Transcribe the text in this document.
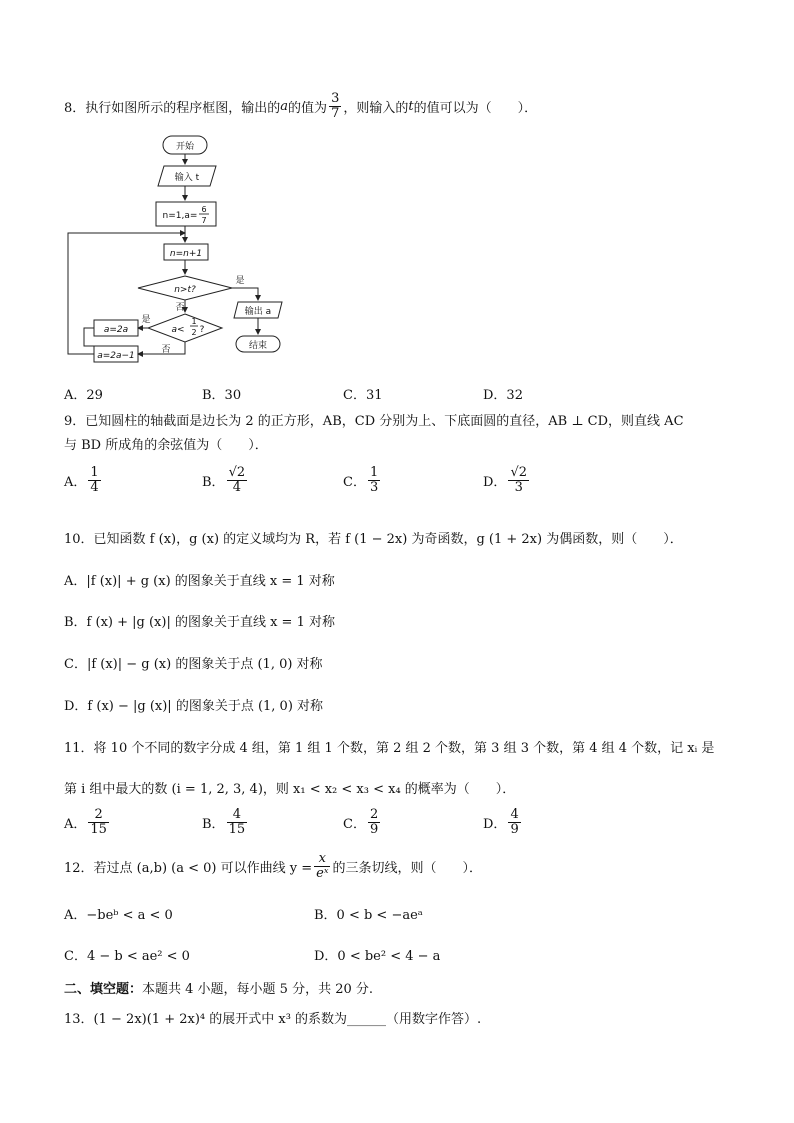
8．执行如图所示的程序框图，输出的 a 的值为 $\frac{3}{7}$ ，则输入的 t 的值可以为（　　）．
开始
输入 t
n=1,a=
6
7
n=n+1
n>t?
是
否	输出 a
结束
a<
1
2 ?
是
否
a=2a
a=2a−1
A．29	B．30	C．31	D．32
9．已知圆柱的轴截面是边长为 2 的正方形，AB，CD 分别为上、下底面圆的直径，AB ⊥ CD，则直线 AC
与 BD 所成角的余弦值为（　　）．
A． $\frac{1}{4}$	B． $\frac{√2}{4}$	C． $\frac{1}{3}$	D． $\frac{√2}{3}$
10．已知函数 f (x)，g (x) 的定义域均为 R，若 f (1 − 2x) 为奇函数，g (1 + 2x) 为偶函数，则（　　）．
A．|f (x)| + g (x) 的图象关于直线 x = 1 对称
B．f (x) + |g (x)| 的图象关于直线 x = 1 对称
C．|f (x)| − g (x) 的图象关于点 (1, 0) 对称
D．f (x) − |g (x)| 的图象关于点 (1, 0) 对称
11．将 10 个不同的数字分成 4 组，第 1 组 1 个数，第 2 组 2 个数，第 3 组 3 个数，第 4 组 4 个数，记 xᵢ 是
第 i 组中最大的数 (i = 1, 2, 3, 4)，则 x₁ < x₂ < x₃ < x₄ 的概率为（　　）．
A． $\frac{2}{15}$	B． $\frac{4}{15}$	C． $\frac{2}{9}$	D． $\frac{4}{9}$
12．若过点 (a,b) (a < 0) 可以作曲线 $y = \frac{x}{\text{eˣ}}$ 的三条切线，则（　　）．
A．−beᵇ < a < 0	B．0 < b < −aeᵃ
C．4 − b < ae² < 0	D．0 < be² < 4 − a
二、填空题： 本题共 4 小题，每小题 5 分，共 20 分.
13．(1 − 2x)(1 + 2x)⁴ 的展开式中 x³ 的系数为______（用数字作答）.
